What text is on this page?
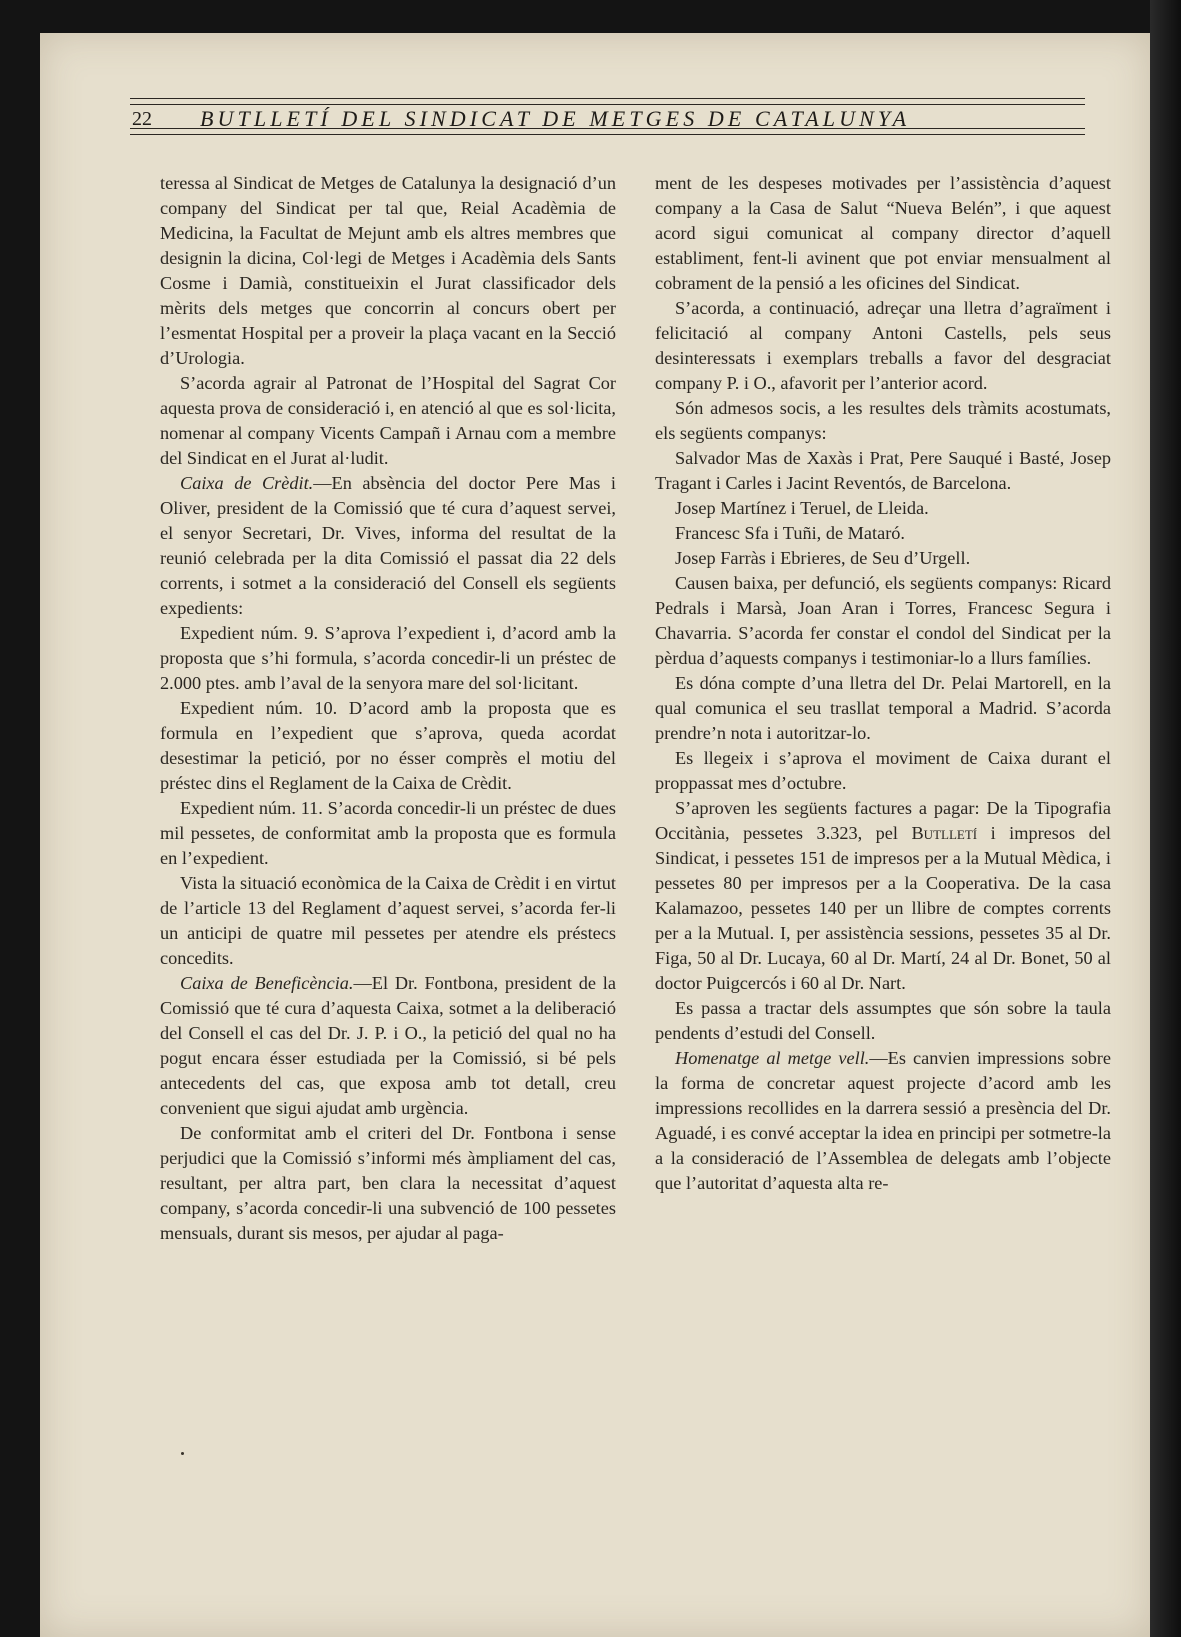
22 BUTLLETÍ DEL SINDICAT DE METGES DE CATALUNYA

teressa al Sindicat de Metges de Catalunya la designació d’un company del Sindicat per tal que, Reial Acadèmia de Medicina, la Facultat de Mejunt amb els altres membres que designin la dicina, Col·legi de Metges i Acadèmia dels Sants Cosme i Damià, constitueixin el Jurat classificador dels mèrits dels metges que concorrin al concurs obert per l’esmentat Hospital per a proveir la plaça vacant en la Secció d’Urologia.

S’acorda agrair al Patronat de l’Hospital del Sagrat Cor aquesta prova de consideració i, en atenció al que es sol·licita, nomenar al company Vicents Campañ i Arnau com a membre del Sindicat en el Jurat al·ludit.

Caixa de Crèdit.—En absència del doctor Pere Mas i Oliver, president de la Comissió que té cura d’aquest servei, el senyor Secretari, Dr. Vives, informa del resultat de la reunió celebrada per la dita Comissió el passat dia 22 dels corrents, i sotmet a la consideració del Consell els següents expedients:

Expedient núm. 9. S’aprova l’expedient i, d’acord amb la proposta que s’hi formula, s’acorda concedir-li un préstec de 2.000 ptes. amb l’aval de la senyora mare del sol·licitant.

Expedient núm. 10. D’acord amb la proposta que es formula en l’expedient que s’aprova, queda acordat desestimar la petició, por no ésser comprès el motiu del préstec dins el Reglament de la Caixa de Crèdit.

Expedient núm. 11. S’acorda concedir-li un préstec de dues mil pessetes, de conformitat amb la proposta que es formula en l’expedient.

Vista la situació econòmica de la Caixa de Crèdit i en virtut de l’article 13 del Reglament d’aquest servei, s’acorda fer-li un anticipi de quatre mil pessetes per atendre els préstecs concedits.

Caixa de Beneficència.—El Dr. Fontbona, president de la Comissió que té cura d’aquesta Caixa, sotmet a la deliberació del Consell el cas del Dr. J. P. i O., la petició del qual no ha pogut encara ésser estudiada per la Comissió, si bé pels antecedents del cas, que exposa amb tot detall, creu convenient que sigui ajudat amb urgència.

De conformitat amb el criteri del Dr. Fontbona i sense perjudici que la Comissió s’informi més àmpliament del cas, resultant, per altra part, ben clara la necessitat d’aquest company, s’acorda concedir-li una subvenció de 100 pessetes mensuals, durant sis mesos, per ajudar al paga-

ment de les despeses motivades per l’assistència d’aquest company a la Casa de Salut “Nueva Belén”, i que aquest acord sigui comunicat al company director d’aquell establiment, fent-li avinent que pot enviar mensualment al cobrament de la pensió a les oficines del Sindicat.

S’acorda, a continuació, adreçar una lletra d’agraïment i felicitació al company Antoni Castells, pels seus desinteressats i exemplars treballs a favor del desgraciat company P. i O., afavorit per l’anterior acord.

Són admesos socis, a les resultes dels tràmits acostumats, els següents companys:

Salvador Mas de Xaxàs i Prat, Pere Sauqué i Basté, Josep Tragant i Carles i Jacint Reventós, de Barcelona.

Josep Martínez i Teruel, de Lleida.

Francesc Sfa i Tuñi, de Mataró.

Josep Farràs i Ebrieres, de Seu d’Urgell.

Causen baixa, per defunció, els següents companys: Ricard Pedrals i Marsà, Joan Aran i Torres, Francesc Segura i Chavarria. S’acorda fer constar el condol del Sindicat per la pèrdua d’aquests companys i testimoniar-lo a llurs famílies.

Es dóna compte d’una lletra del Dr. Pelai Martorell, en la qual comunica el seu trasllat temporal a Madrid. S’acorda prendre’n nota i autoritzar-lo.

Es llegeix i s’aprova el moviment de Caixa durant el proppassat mes d’octubre.

S’aproven les següents factures a pagar: De la Tipografia Occitània, pessetes 3.323, pel Butlletí i impresos del Sindicat, i pessetes 151 de impresos per a la Mutual Mèdica, i pessetes 80 per impresos per a la Cooperativa. De la casa Kalamazoo, pessetes 140 per un llibre de comptes corrents per a la Mutual. I, per assistència sessions, pessetes 35 al Dr. Figa, 50 al Dr. Lucaya, 60 al Dr. Martí, 24 al Dr. Bonet, 50 al doctor Puigcercós i 60 al Dr. Nart.

Es passa a tractar dels assumptes que són sobre la taula pendents d’estudi del Consell.

Homenatge al metge vell.—Es canvien impressions sobre la forma de concretar aquest projecte d’acord amb les impressions recollides en la darrera sessió a presència del Dr. Aguadé, i es convé acceptar la idea en principi per sotmetre-la a la consideració de l’Assemblea de delegats amb l’objecte que l’autoritat d’aquesta alta re-
